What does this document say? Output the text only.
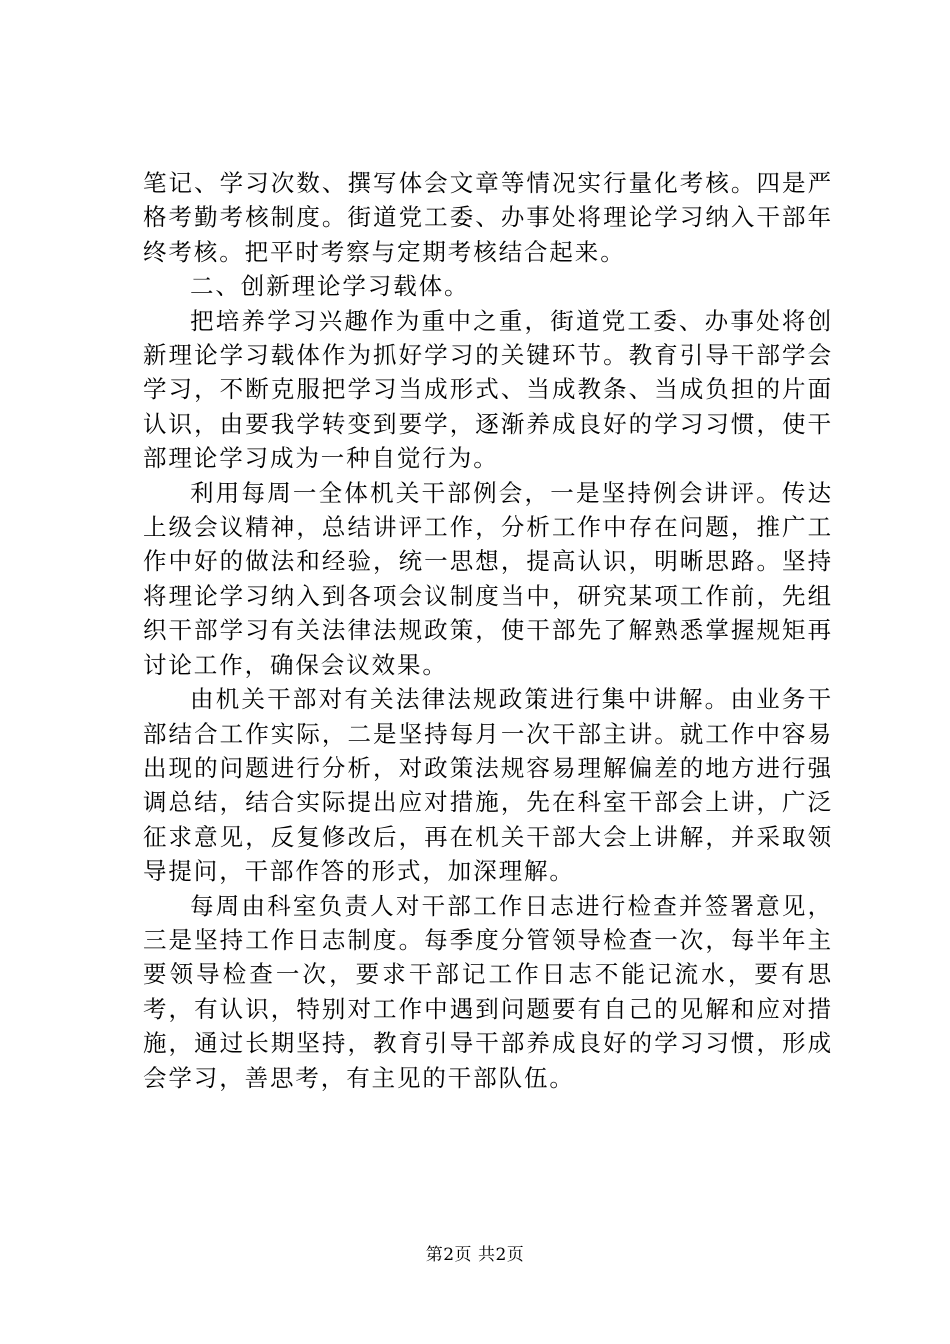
笔记、学习次数、撰写体会文章等情况实行量化考核。四是严格考勤考核制度。街道党工委、办事处将理论学习纳入干部年终考核。把平时考察与定期考核结合起来。

二、创新理论学习载体。

把培养学习兴趣作为重中之重，街道党工委、办事处将创新理论学习载体作为抓好学习的关键环节。教育引导干部学会学习，不断克服把学习当成形式、当成教条、当成负担的片面认识，由要我学转变到要学，逐渐养成良好的学习习惯，使干部理论学习成为一种自觉行为。

利用每周一全体机关干部例会，一是坚持例会讲评。传达上级会议精神，总结讲评工作，分析工作中存在问题，推广工作中好的做法和经验，统一思想，提高认识，明晰思路。坚持将理论学习纳入到各项会议制度当中，研究某项工作前，先组织干部学习有关法律法规政策，使干部先了解熟悉掌握规矩再讨论工作，确保会议效果。

由机关干部对有关法律法规政策进行集中讲解。由业务干部结合工作实际，二是坚持每月一次干部主讲。就工作中容易出现的问题进行分析，对政策法规容易理解偏差的地方进行强调总结，结合实际提出应对措施，先在科室干部会上讲，广泛征求意见，反复修改后，再在机关干部大会上讲解，并采取领导提问，干部作答的形式，加深理解。

每周由科室负责人对干部工作日志进行检查并签署意见，三是坚持工作日志制度。每季度分管领导检查一次，每半年主要领导检查一次，要求干部记工作日志不能记流水，要有思考，有认识，特别对工作中遇到问题要有自己的见解和应对措施，通过长期坚持，教育引导干部养成良好的学习习惯，形成会学习，善思考，有主见的干部队伍。

第2页 共2页
